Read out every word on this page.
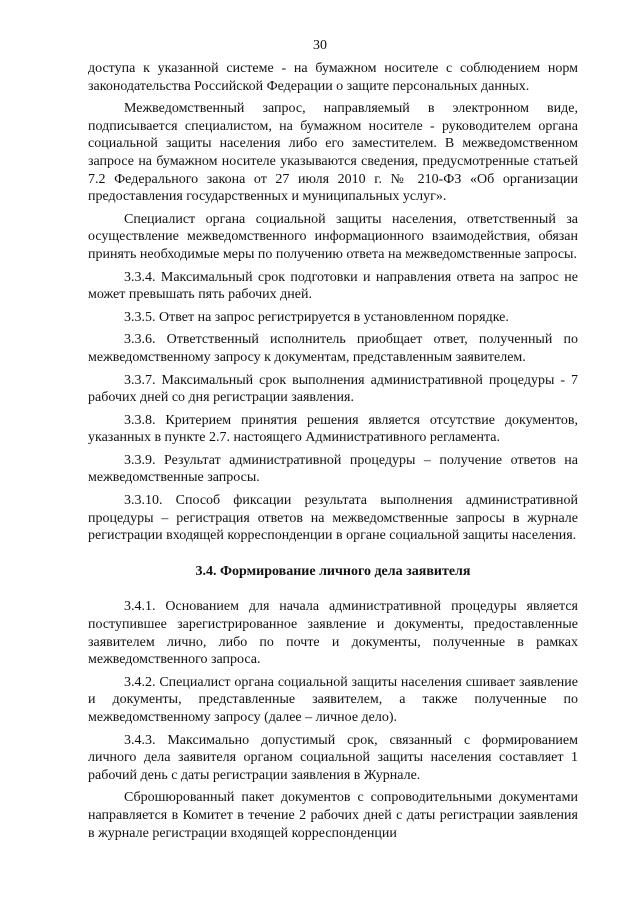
30

доступа к указанной системе - на бумажном носителе с соблюдением норм законодательства Российской Федерации о защите персональных данных.

Межведомственный запрос, направляемый в электронном виде, подписывается специалистом, на бумажном носителе - руководителем органа социальной защиты населения либо его заместителем. В межведомственном запросе на бумажном носителе указываются сведения, предусмотренные статьей 7.2 Федерального закона от 27 июля 2010 г. № 210-ФЗ «Об организации предоставления государственных и муниципальных услуг».

Специалист органа социальной защиты населения, ответственный за осуществление межведомственного информационного взаимодействия, обязан принять необходимые меры по получению ответа на межведомственные запросы.

3.3.4. Максимальный срок подготовки и направления ответа на запрос не может превышать пять рабочих дней.

3.3.5. Ответ на запрос регистрируется в установленном порядке.

3.3.6. Ответственный исполнитель приобщает ответ, полученный по межведомственному запросу к документам, представленным заявителем.

3.3.7. Максимальный срок выполнения административной процедуры - 7 рабочих дней со дня регистрации заявления.

3.3.8. Критерием принятия решения является отсутствие документов, указанных в пункте 2.7. настоящего Административного регламента.

3.3.9. Результат административной процедуры – получение ответов на межведомственные запросы.

3.3.10. Способ фиксации результата выполнения административной процедуры – регистрация ответов на межведомственные запросы в журнале регистрации входящей корреспонденции в органе социальной защиты населения.

3.4. Формирование личного дела заявителя

3.4.1. Основанием для начала административной процедуры является поступившее зарегистрированное заявление и документы, предоставленные заявителем лично, либо по почте и документы, полученные в рамках межведомственного запроса.

3.4.2. Специалист органа социальной защиты населения сшивает заявление и документы, представленные заявителем, а также полученные по межведомственному запросу (далее – личное дело).

3.4.3. Максимально допустимый срок, связанный с формированием личного дела заявителя органом социальной защиты населения составляет 1 рабочий день с даты регистрации заявления в Журнале.

Сброшюрованный пакет документов с сопроводительными документами направляется в Комитет в течение 2 рабочих дней с даты регистрации заявления в журнале регистрации входящей корреспонденции
